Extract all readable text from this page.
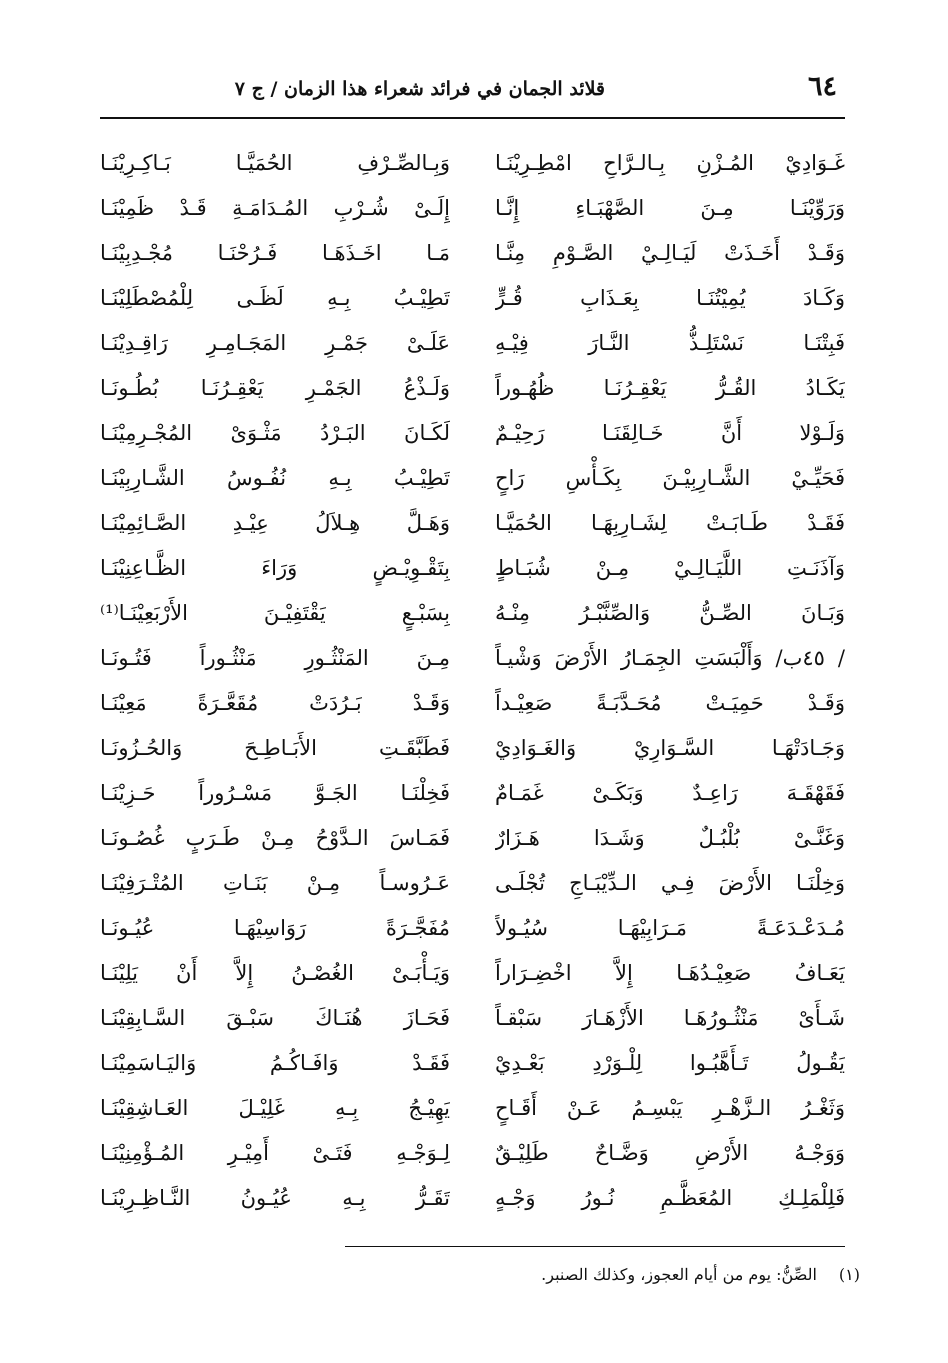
٦٤
قلائد الجمان في فرائد شعراء هذا الزمان / ج ٧
غَـوَادِيْ المُـزْنِ بِـالـرَّاحِ امْطِـرِيْنَـا
وَرَوِّيْنَـا مِـنَ الصَّهْبَـاءِ إِنَّـا
وَقَـدْ أَخَـذَتْ لَيَـالِـيْ الصَّـوْمِ مِنَّـا
وَكَـادَ يُمِيْتُنَـا بِعَـذَابِ قُـرٍّ
فَبِتْنَـا نَسْتَلِـذُّ النَّـارَ فِيْـهِ
يَكَـادُ القُـرُّ يَعْقِـرُنَـا ظُهُـوراً
وَلَـوْلا أَنَّ خَـالِقَنَـا رَحِيْـمٌ
فَحَيِّـيْ الشَّـارِبِيْـنَ بِكَـأْسِ رَاحٍ
فَقَـدْ طَـابَـتْ لِشَـارِبِهَـا الحُمَيَّـا
وَآذَنَـتِ اللَّيَـالِـيْ مِـنْ شُبَـاطٍ
وَبَـانَ الصِّـنُّ وَالصِّنَّبْـرُ مِنْـهُ
/ ٤٥ب/ وَأَلْبَسَتِ الجِمَـارُ الأَرْضَ وَشْيـاً
وَقَـدْ حَمِيَـتْ مُحَـدَّبَـةً صَعِيْـداً
وَجَـادَتْهَـا السَّـوَارِيْ وَالغَـوَادِيْ
فَقَهْقَـهَ رَاعِـدٌ وَبَكَـىْ غَمَـامٌ
وَغَنَّـىْ بُلْبُـلٌ وَشَـدَا هَـزَارٌ
وَخِلْنَـا الأَرْضَ فِـي الـدِّيْبَـاجِ تُجْلَـى
مُـدَعْـدَعَـةً مَـرَابِيْهَـا سُيُـولاً
يَعَـافُ صَعِيْـدُهَـا إِلاَّ اخْضِـرَاراً
شَـأَىْ مَنْثُـورُهَـا الأَزْهَـارَ سَبْقـاً
يَقُـولُ تَـأَهَّبُـوا لِلْـوَرْدِ بَعْـدِيْ
وَثَغْـرُ الـزَّهْـرِ يَبْسِـمُ عَـنْ أَقَـاحٍ
وَوَجْـهُ الأَرْضِ وَضَّـاحٌ طَلِيْـقٌ
فَلِلْمَلِـكِ المُعَظَّـمِ نُـورُ وَجْـهٍ
وَبِـالصِّـرْفِ الحُمَيَّـا بَـاكِـرِيْنَـا
إِلَـىْ شُـرْبِ المُـدَامَـةِ قَـدْ ظَمِيْنَـا
مَـا اخَـذَهَـا فَـرُحْنَـا مُجْـدِبِيْنَـا
تَطِيْـبُ بِـهِ لَظَـى لِلْمُصْطَلِيْنَـا
عَلَـىْ جَمْـرِ المَجَـامِـرِ رَاقِـدِيْنَـا
وَلَـذْعُ الجَمْـرِ يَعْقِـرُنَـا بُطُـونَـا
لَكَـانَ البَـرْدُ مَثْـوَىْ المُجْـرِمِيْنَـا
تَطِيْـبُ بِـهِ نُفُـوسُ الشَّـارِبِيْنَـا
وَهَـلَّ هِـلاَلُ عِيْـدِ الصَّـائِمِيْنَـا
بِتَقْـوِيْـضٍ وَرَاءَ الظَّـاعِنِيْنَـا
بِسَبْـعٍ يَقْتَفِيْـنَ الأَرْبَعِيْنَـا⁽¹⁾
مِـنَ المَنْثُـورِ مَنْثُـوراً فَتُـونَـا
وَقَـدْ بَـرُدَتْ مُقَعَّـرَةً مَعِيْنَـا
فَطَبَّقَـتِ الأَبَـاطِـحَ وَالحُـزُونَـا
فَخِلْنَـا الجَـوَّ مَسْـرُوراً حَـزِيْنَـا
فَمَـاسَ الـدَّوْحُ مِـنْ طَـرَبٍ غُصُـونَـا
عَـرُوسـاً مِـنْ بَنَـاتِ المُتْـرَفِيْنَـا
مُفَجَّـرَةً رَوَاسِيْهَـا عُيُـونَـا
وَيَـأْبَـىْ الغُصْـنُ إِلاَّ أَنْ يَلِيْنَـا
فَحَـازَ هُنَـاكَ سَبْـقَ السَّـابِقِيْنَـا
فَقَـدْ وَافَـاكُـمُ وَاليَـاسَمِيْنَـا
يَهِيْـجُ بِـهِ غَلِيْـلَ العَـاشِقِيْنَـا
لِـوَجْـهِ فَتَـىْ أَمِيْـرِ المُـؤْمِنِيْنَـا
تَقَـرُّ بِـهِ عُيُـونُ النَّـاظِـرِيْنَـا
(١)الصِّنُّ: يوم من أيام العجوز، وكذلك الصنبر.
